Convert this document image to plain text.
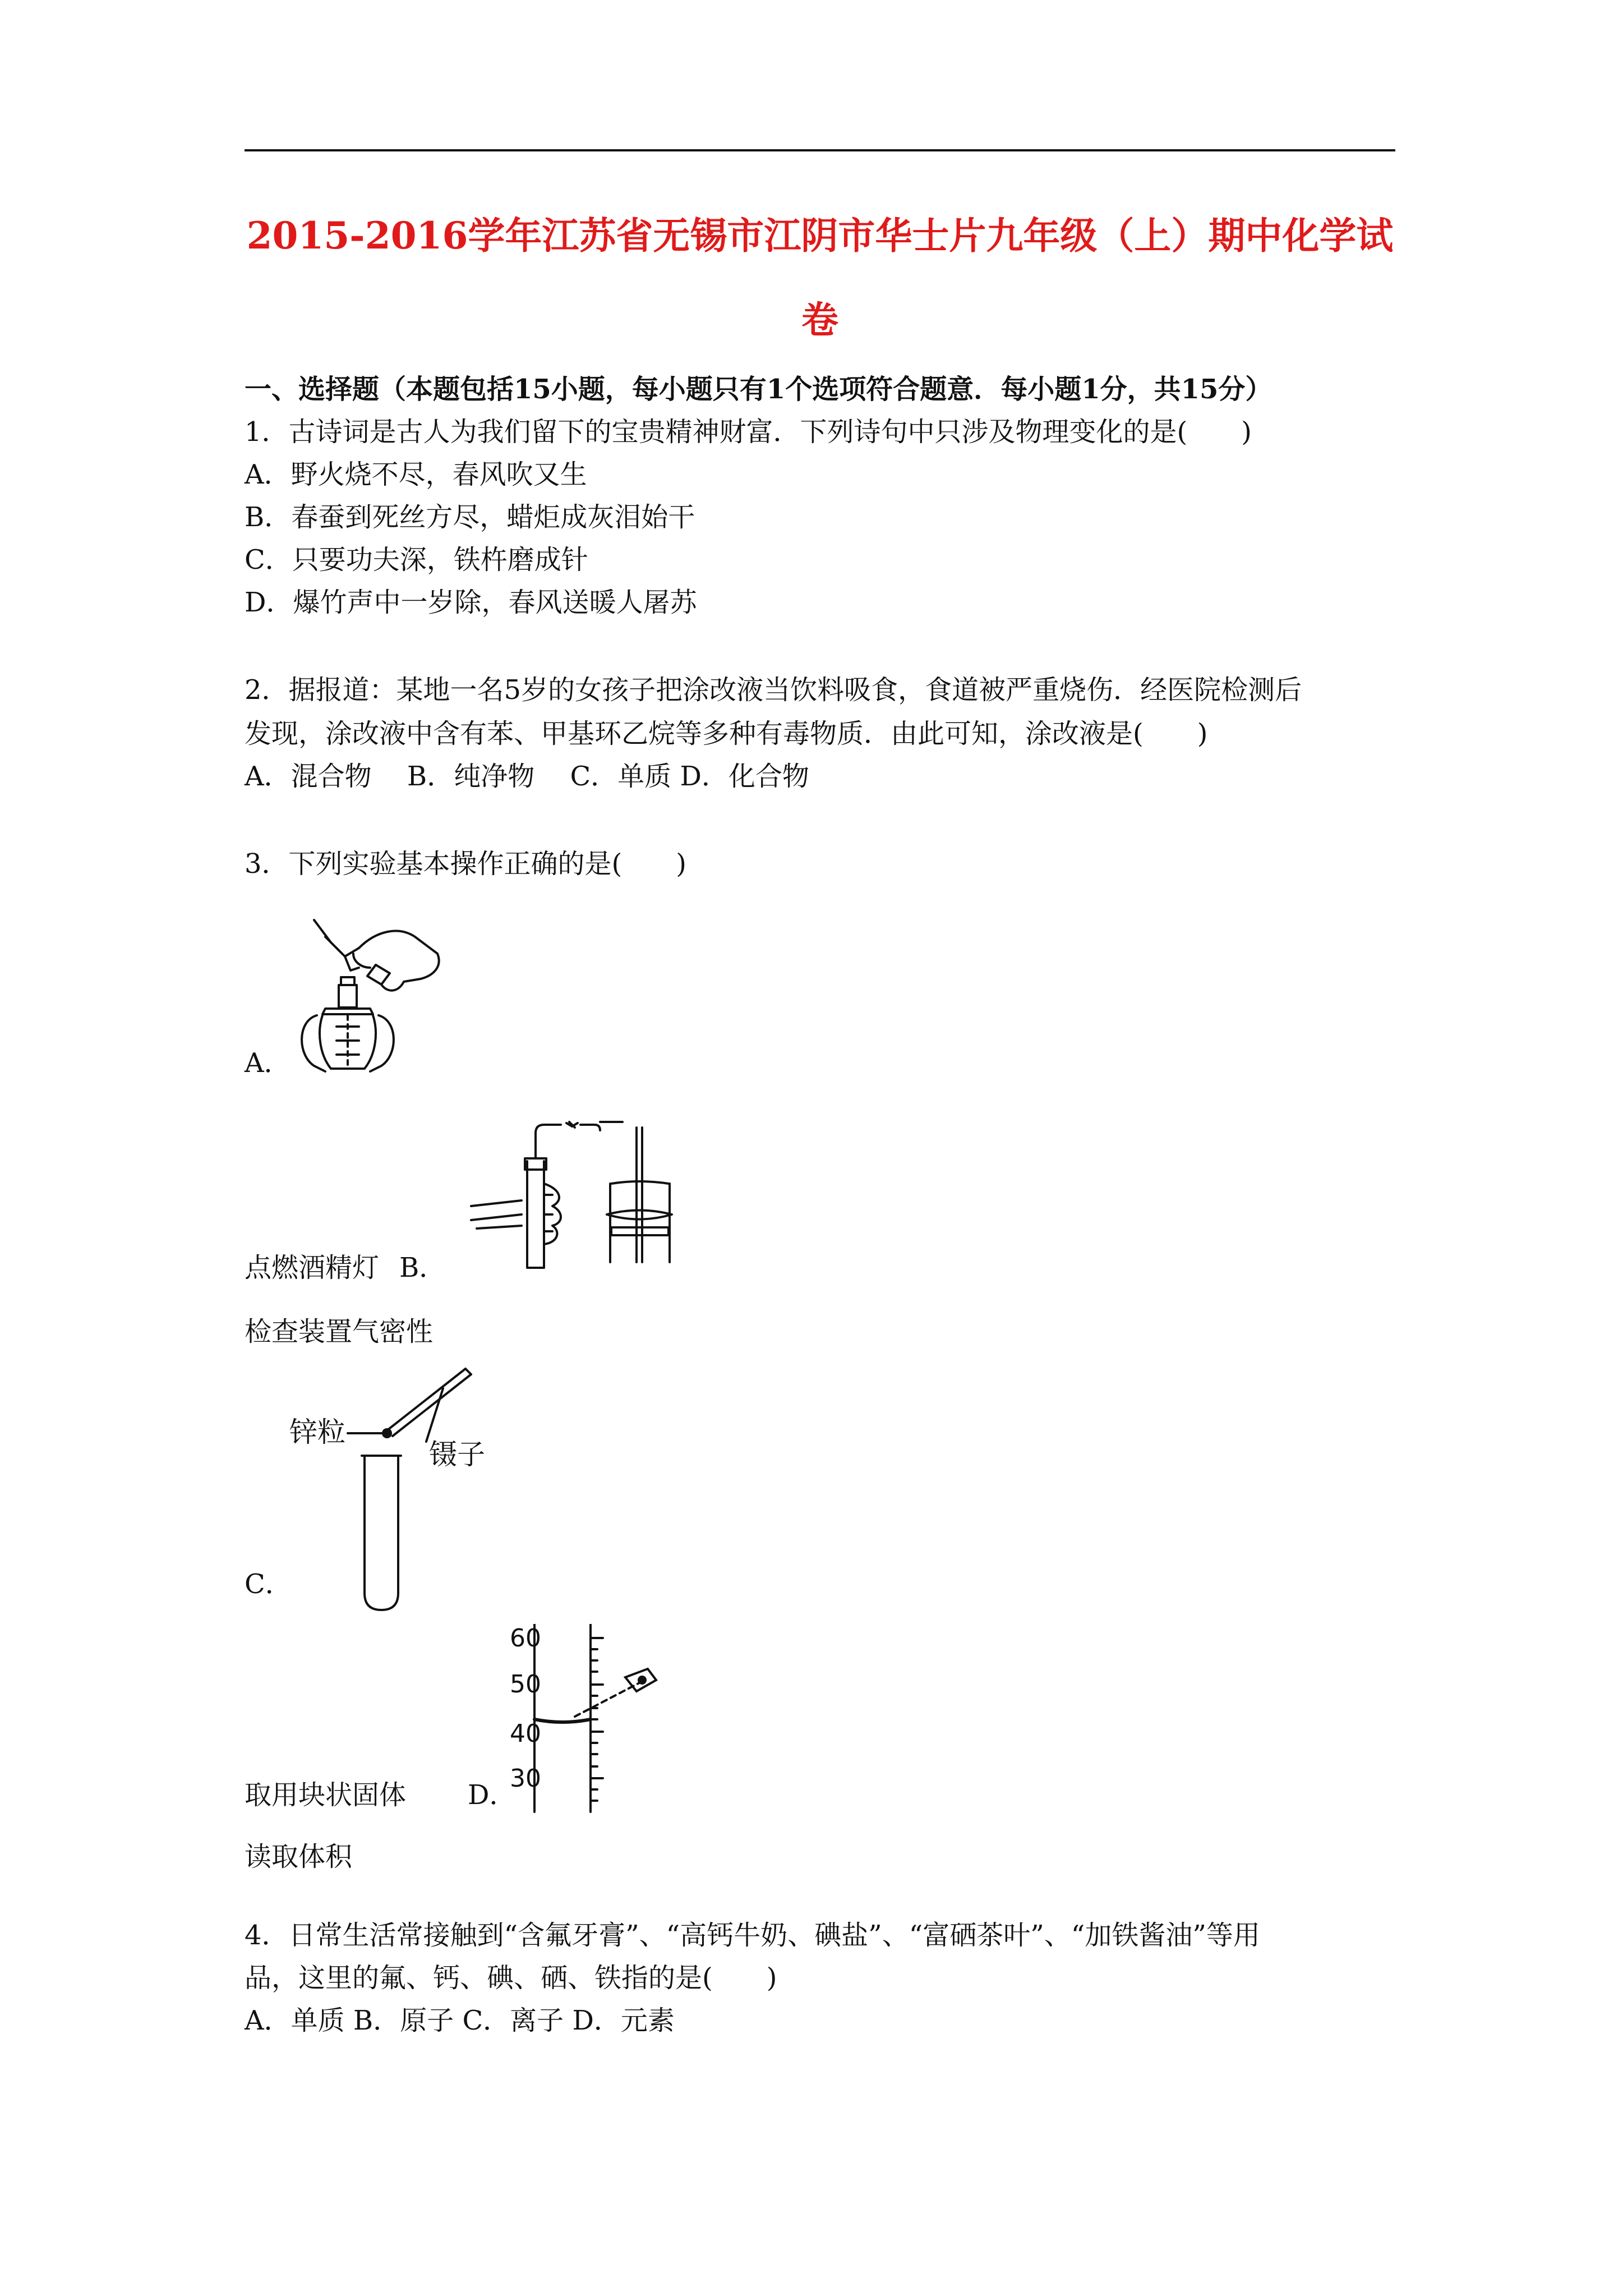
2015-2016学年江苏省无锡市江阴市华士片九年级（上）期中化学试
卷
一、选择题（本题包括15小题，每小题只有1个选项符合题意．每小题1分，共15分）
1．古诗词是古人为我们留下的宝贵精神财富．下列诗句中只涉及物理变化的是(　　)
A．野火烧不尽，春风吹又生
B．春蚕到死丝方尽，蜡炬成灰泪始干
C．只要功夫深，铁杵磨成针
D．爆竹声中一岁除，春风送暖人屠苏
2．据报道：某地一名5岁的女孩子把涂改液当饮料吸食，食道被严重烧伤．经医院检测后
发现，涂改液中含有苯、甲基环乙烷等多种有毒物质．由此可知，涂改液是(　　)
A．混合物　 B．纯净物　 C．单质 D．化合物
3．下列实验基本操作正确的是(　　)
A．
点燃酒精灯 B．
检查装置气密性
锌粒
镊子
C．
60
50
40
30
取用块状固体 D．
读取体积
4．日常生活常接触到“含氟牙膏”、“高钙牛奶、碘盐”、“富硒茶叶”、“加铁酱油”等用
品，这里的氟、钙、碘、硒、铁指的是(　　)
A．单质 B．原子 C．离子 D．元素
